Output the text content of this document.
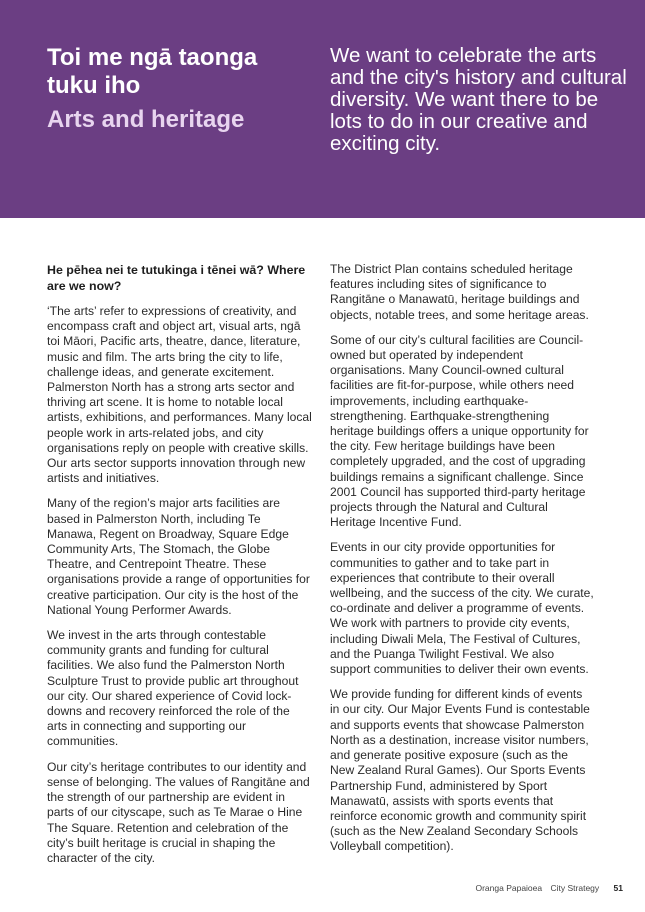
Toi me ngā taonga tuku iho
Arts and heritage

We want to celebrate the arts and the city's history and cultural diversity. We want there to be lots to do in our creative and exciting city.

He pēhea nei te tutukinga i tēnei wā? Where are we now?

‘The arts’ refer to expressions of creativity, and encompass craft and object art, visual arts, ngā toi Māori, Pacific arts, theatre, dance, literature, music and film. The arts bring the city to life, challenge ideas, and generate excitement. Palmerston North has a strong arts sector and thriving art scene. It is home to notable local artists, exhibitions, and performances. Many local people work in arts-related jobs, and city organisations reply on people with creative skills. Our arts sector supports innovation through new artists and initiatives.

Many of the region’s major arts facilities are based in Palmerston North, including Te Manawa, Regent on Broadway, Square Edge Community Arts, The Stomach, the Globe Theatre, and Centrepoint Theatre. These organisations provide a range of opportunities for creative participation. Our city is the host of the National Young Performer Awards.

We invest in the arts through contestable community grants and funding for cultural facilities. We also fund the Palmerston North Sculpture Trust to provide public art throughout our city. Our shared experience of Covid lock-downs and recovery reinforced the role of the arts in connecting and supporting our communities.

Our city’s heritage contributes to our identity and sense of belonging. The values of Rangitāne and the strength of our partnership are evident in parts of our cityscape, such as Te Marae o Hine The Square. Retention and celebration of the city’s built heritage is crucial in shaping the character of the city.

The District Plan contains scheduled heritage features including sites of significance to Rangitāne o Manawatū, heritage buildings and objects, notable trees, and some heritage areas.

Some of our city’s cultural facilities are Council-owned but operated by independent organisations. Many Council-owned cultural facilities are fit-for-purpose, while others need improvements, including earthquake-strengthening. Earthquake-strengthening heritage buildings offers a unique opportunity for the city. Few heritage buildings have been completely upgraded, and the cost of upgrading buildings remains a significant challenge. Since 2001 Council has supported third-party heritage projects through the Natural and Cultural Heritage Incentive Fund.

Events in our city provide opportunities for communities to gather and to take part in experiences that contribute to their overall wellbeing, and the success of the city. We curate, co-ordinate and deliver a programme of events. We work with partners to provide city events, including Diwali Mela, The Festival of Cultures, and the Puanga Twilight Festival. We also support communities to deliver their own events.

We provide funding for different kinds of events in our city. Our Major Events Fund is contestable and supports events that showcase Palmerston North as a destination, increase visitor numbers, and generate positive exposure (such as the New Zealand Rural Games). Our Sports Events Partnership Fund, administered by Sport Manawatū, assists with sports events that reinforce economic growth and community spirit (such as the New Zealand Secondary Schools Volleyball competition).

Oranga Papaioea City Strategy 51
